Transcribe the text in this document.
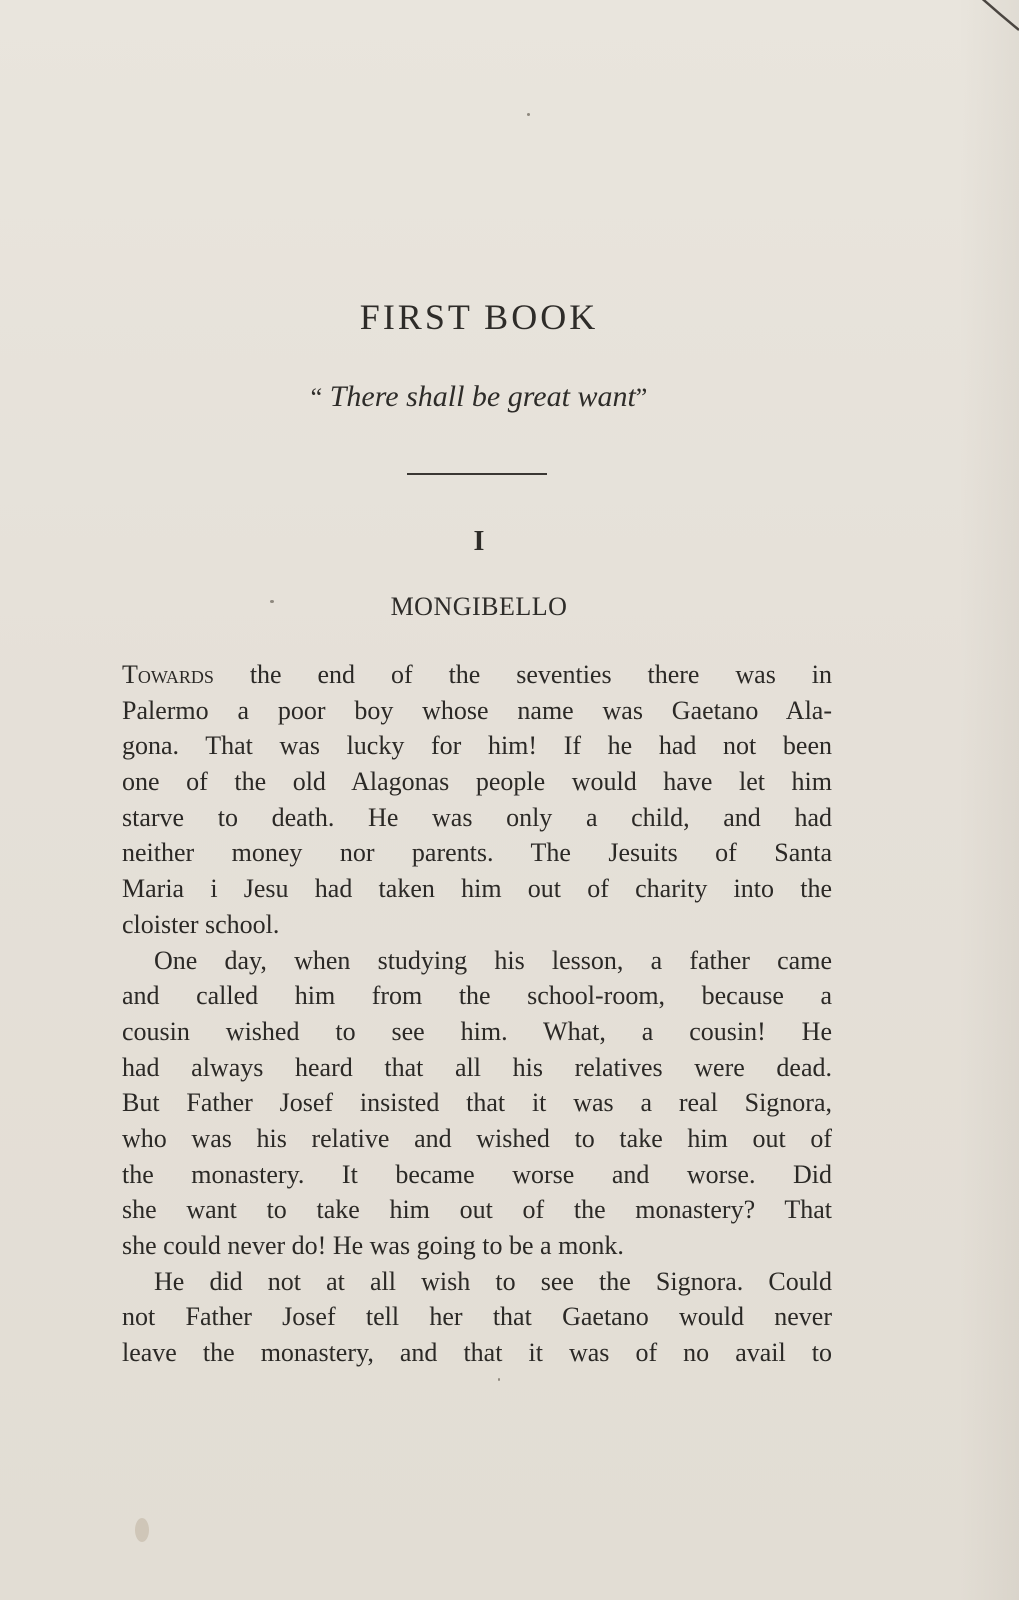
FIRST BOOK
“ There shall be great want”
I
MONGIBELLO
Towards the end of the seventies there was in
Palermo a poor boy whose name was Gaetano Ala-
gona. That was lucky for him! If he had not been
one of the old Alagonas people would have let him
starve to death. He was only a child, and had
neither money nor parents. The Jesuits of Santa
Maria i Jesu had taken him out of charity into the
cloister school.
One day, when studying his lesson, a father came
and called him from the school-room, because a
cousin wished to see him. What, a cousin! He
had always heard that all his relatives were dead.
But Father Josef insisted that it was a real Signora,
who was his relative and wished to take him out of
the monastery. It became worse and worse. Did
she want to take him out of the monastery? That
she could never do! He was going to be a monk.
He did not at all wish to see the Signora. Could
not Father Josef tell her that Gaetano would never
leave the monastery, and that it was of no avail to
